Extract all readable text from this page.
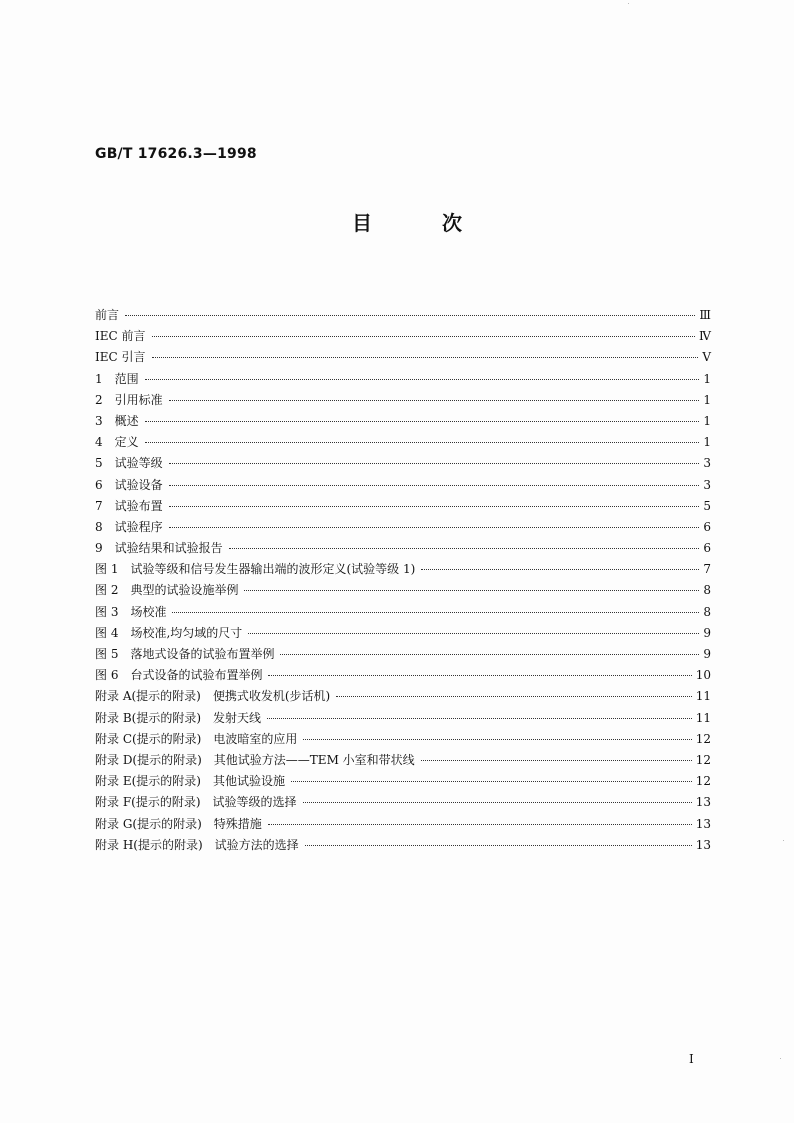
GB/T 17626.3—1998
目	次
前言	Ⅲ
IEC 前言	Ⅳ
IEC 引言	Ⅴ
1　范围	1
2　引用标准	1
3　概述	1
4　定义	1
5　试验等级	3
6　试验设备	3
7　试验布置	5
8　试验程序	6
9　试验结果和试验报告	6
图 1　试验等级和信号发生器输出端的波形定义(试验等级 1)	7
图 2　典型的试验设施举例	8
图 3　场校准	8
图 4　场校准,均匀域的尺寸	9
图 5　落地式设备的试验布置举例	9
图 6　台式设备的试验布置举例	10
附录 A(提示的附录)　便携式收发机(步话机)	11
附录 B(提示的附录)　发射天线	11
附录 C(提示的附录)　电波暗室的应用	12
附录 D(提示的附录)　其他试验方法——TEM 小室和带状线	12
附录 E(提示的附录)　其他试验设施	12
附录 F(提示的附录)　试验等级的选择	13
附录 G(提示的附录)　特殊措施	13
附录 H(提示的附录)　试验方法的选择	13
I
